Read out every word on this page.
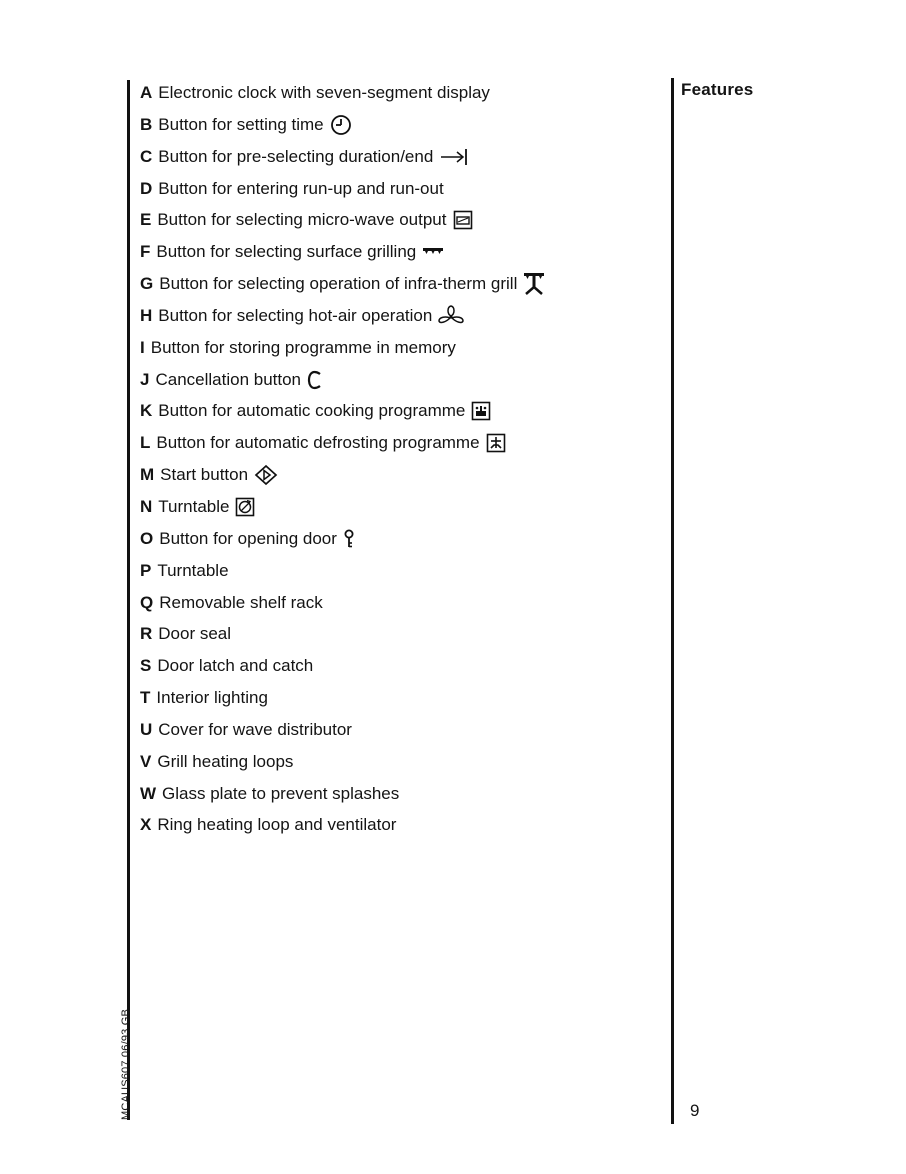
Features
A Electronic clock with seven-segment display
B Button for setting time
C Button for pre-selecting duration/end
D Button for entering run-up and run-out
E Button for selecting micro-wave output
F Button for selecting surface grilling
G Button for selecting operation of infra-therm grill
H Button for selecting hot-air operation
I Button for storing programme in memory
J Cancellation button
K Button for automatic cooking programme
L Button for automatic defrosting programme
M Start button
N Turntable
O Button for opening door
P Turntable
Q Removable shelf rack
R Door seal
S Door latch and catch
T Interior lighting
U Cover for wave distributor
V Grill heating loops
W Glass plate to prevent splashes
X Ring heating loop and ventilator
MCAUS607 06/93 GB	9
